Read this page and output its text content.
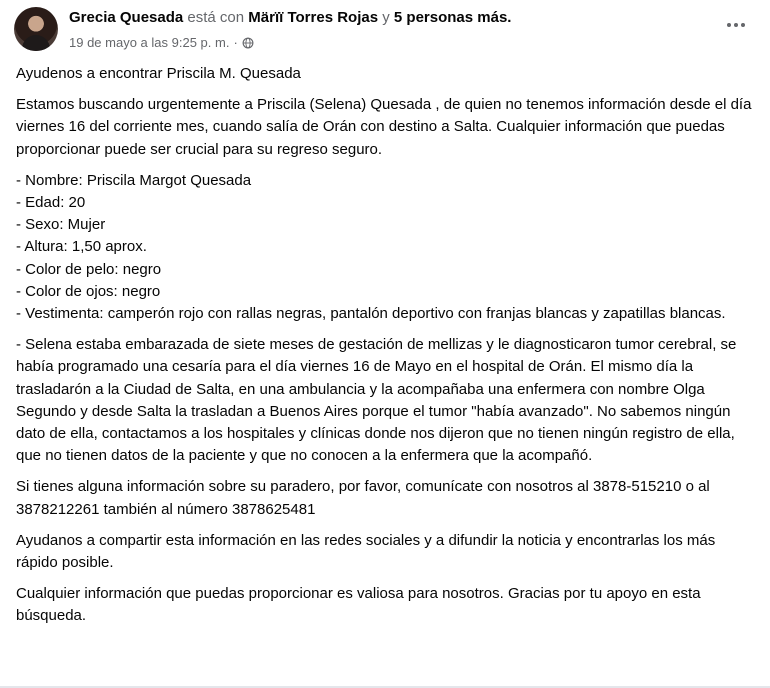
Grecia Quesada está con Märïï Torres Rojas y 5 personas más.
19 de mayo a las 9:25 p. m. ·

Ayudenos a encontrar Priscila M. Quesada

Estamos buscando urgentemente a Priscila (Selena) Quesada , de quien no tenemos información desde el día viernes 16 del corriente mes, cuando salía de Orán con destino a Salta. Cualquier información que puedas proporcionar puede ser crucial para su regreso seguro.

- Nombre: Priscila Margot Quesada
- Edad: 20
- Sexo: Mujer
- Altura: 1,50 aprox.
- Color de pelo: negro
- Color de ojos: negro
- Vestimenta: camperón rojo con rallas negras, pantalón deportivo con franjas blancas y zapatillas blancas.

- Selena estaba embarazada de siete meses de gestación de mellizas y le diagnosticaron tumor cerebral, se había programado una cesaría para el día viernes 16 de Mayo en el hospital de Orán. El mismo día la trasladarón a la Ciudad de Salta, en una ambulancia y la acompañaba una enfermera con nombre Olga Segundo y desde Salta la trasladan a Buenos Aires porque el tumor "había avanzado". No sabemos ningún dato de ella, contactamos a los hospitales y clínicas donde nos dijeron que no tienen ningún registro de ella, que no tienen datos de la paciente y que no conocen a la enfermera que la acompañó.

Si tienes alguna información sobre su paradero, por favor, comunícate con nosotros al 3878-515210 o al 3878212261 también al número 3878625481

Ayudanos a compartir esta información en las redes sociales y a difundir la noticia y encontrarlas los más rápido posible.

Cualquier información que puedas proporcionar es valiosa para nosotros. Gracias por tu apoyo en esta búsqueda.
